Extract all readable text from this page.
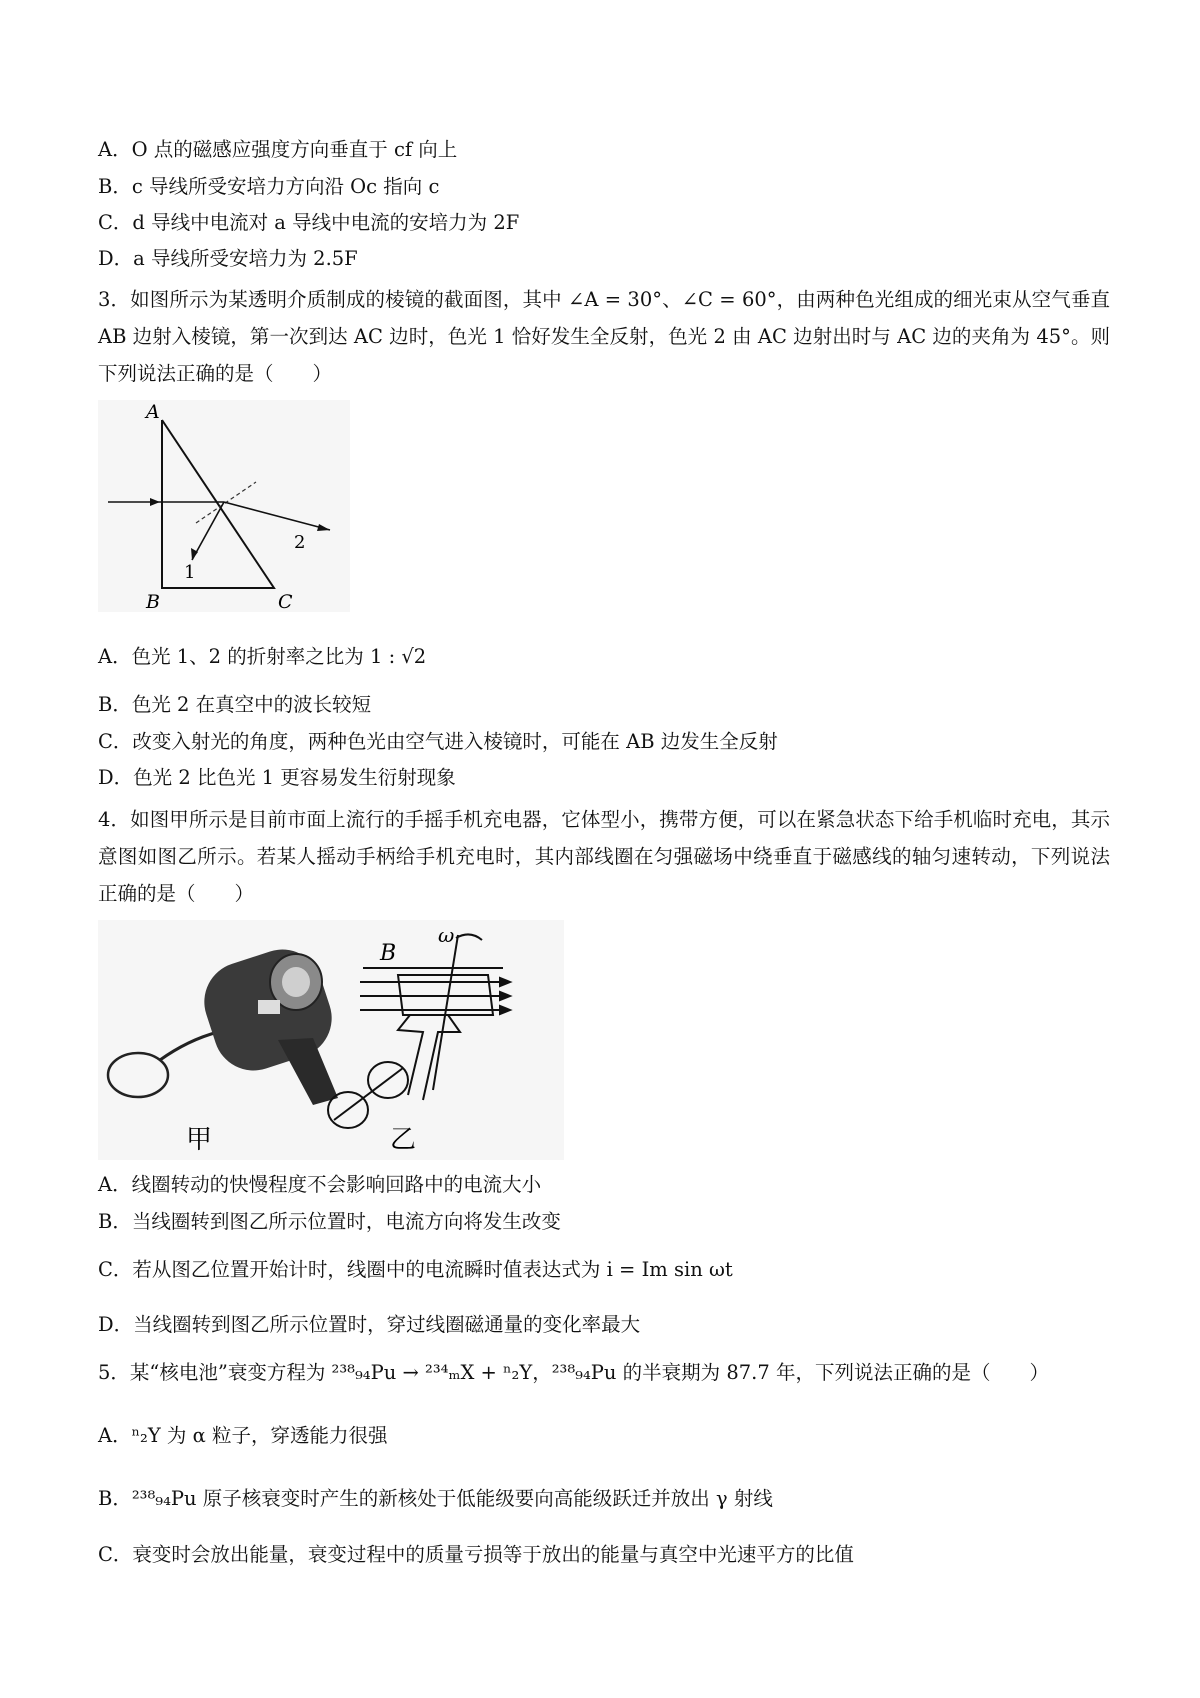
A．O 点的磁感应强度方向垂直于 cf 向上
B．c 导线所受安培力方向沿 Oc 指向 c
C．d 导线中电流对 a 导线中电流的安培力为 2F
D．a 导线所受安培力为 2.5F
3．如图所示为某透明介质制成的棱镜的截面图，其中 ∠A = 30°、∠C = 60°，由两种色光组成的细光束从空气垂直 AB 边射入棱镜，第一次到达 AC 边时，色光 1 恰好发生全反射，色光 2 由 AC 边射出时与 AC 边的夹角为 45°。则下列说法正确的是（　　）
A
B	C
1
2
A．色光 1、2 的折射率之比为 1 : √2
B．色光 2 在真空中的波长较短
C．改变入射光的角度，两种色光由空气进入棱镜时，可能在 AB 边发生全反射
D．色光 2 比色光 1 更容易发生衍射现象
4．如图甲所示是目前市面上流行的手摇手机充电器，它体型小，携带方便，可以在紧急状态下给手机临时充电，其示意图如图乙所示。若某人摇动手柄给手机充电时，其内部线圈在匀强磁场中绕垂直于磁感线的轴匀速转动，下列说法正确的是（　　）
甲
B
ω
乙
A．线圈转动的快慢程度不会影响回路中的电流大小
B．当线圈转到图乙所示位置时，电流方向将发生改变
C．若从图乙位置开始计时，线圈中的电流瞬时值表达式为 i = Im sin ωt
D．当线圈转到图乙所示位置时，穿过线圈磁通量的变化率最大
5．某“核电池”衰变方程为 ²³⁸₉₄Pu → ²³⁴ₘX + ⁿ₂Y，²³⁸₉₄Pu 的半衰期为 87.7 年，下列说法正确的是（　　）
A．ⁿ₂Y 为 α 粒子，穿透能力很强
B．²³⁸₉₄Pu 原子核衰变时产生的新核处于低能级要向高能级跃迁并放出 γ 射线
C．衰变时会放出能量，衰变过程中的质量亏损等于放出的能量与真空中光速平方的比值
